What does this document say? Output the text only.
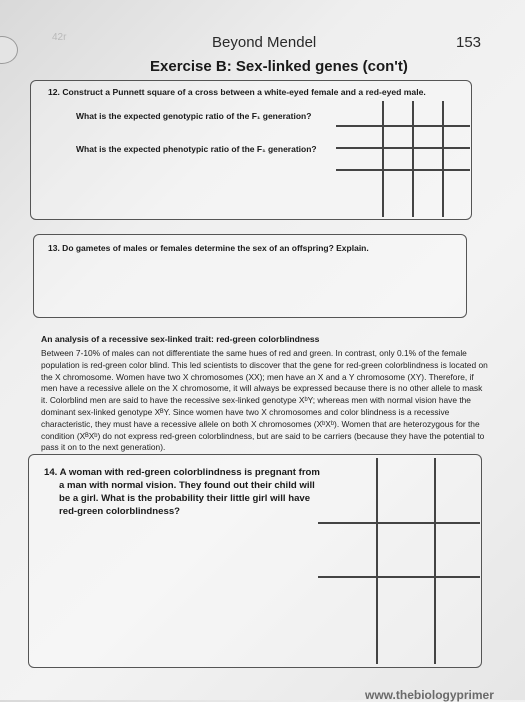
42r	Beyond Mendel	153
Exercise B: Sex-linked genes (con't)
12. Construct a Punnett square of a cross between a white-eyed female and a red-eyed male.
What is the expected genotypic ratio of the F₁ generation?
What is the expected phenotypic ratio of the F₁ generation?
13. Do gametes of males or females determine the sex of an offspring? Explain.
An analysis of a recessive sex-linked trait: red-green colorblindness
Between 7-10% of males can not differentiate the same hues of red and green. In contrast, only 0.1% of the female population is red-green color blind. This led scientists to discover that the gene for red-green colorblindness is located on the X chromosome. Women have two X chromosomes (XX); men have an X and a Y chromosome (XY). Therefore, if men have a recessive allele on the X chromosome, it will always be expressed because there is no other allele to mask it. Colorblind men are said to have the recessive sex-linked genotype XᵇY; whereas men with normal vision have the dominant sex-linked genotype XᴮY. Since women have two X chromosomes and color blindness is a recessive characteristic, they must have a recessive allele on both X chromosomes (XᵇXᵇ). Women that are heterozygous for the condition (XᴮXᵇ) do not express red-green colorblindness, but are said to be carriers (because they have the potential to pass it on to the next generation).
14. A woman with red-green colorblindness is pregnant from
a man with normal vision. They found out their child will
be a girl. What is the probability their little girl will have
red-green colorblindness?
www.thebiologyprimer
